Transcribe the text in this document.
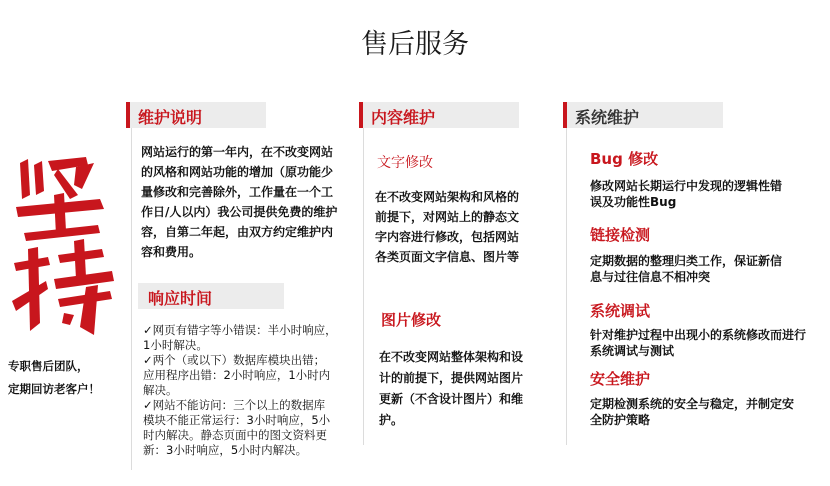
售后服务
专职售后团队，
定期回访老客户！
维护说明
网站运行的第一年内，在不改变网站
的风格和网站功能的增加（原功能少
量修改和完善除外，工作量在一个工
作日/人以内）我公司提供免费的维护
容，自第二年起，由双方约定维护内
容和费用。
响应时间
✓网页有错字等小错误：半小时响应，
1小时解决。
✓两个（或以下）数据库模块出错；
应用程序出错：2小时响应，1小时内
解决。
✓网站不能访问：三个以上的数据库
模块不能正常运行：3小时响应，5小
时内解决。静态页面中的图文资料更
新：3小时响应，5小时内解决。
内容维护
文字修改
在不改变网站架构和风格的
前提下，对网站上的静态文
字内容进行修改，包括网站
各类页面文字信息、图片等
图片修改
在不改变网站整体架构和设
计的前提下，提供网站图片
更新（不含设计图片）和维
护。
系统维护
Bug 修改
修改网站长期运行中发现的逻辑性错
误及功能性Bug
链接检测
定期数据的整理归类工作，保证新信
息与过往信息不相冲突
系统调试
针对维护过程中出现小的系统修改而进行
系统调试与测试
安全维护
定期检测系统的安全与稳定，并制定安
全防护策略
